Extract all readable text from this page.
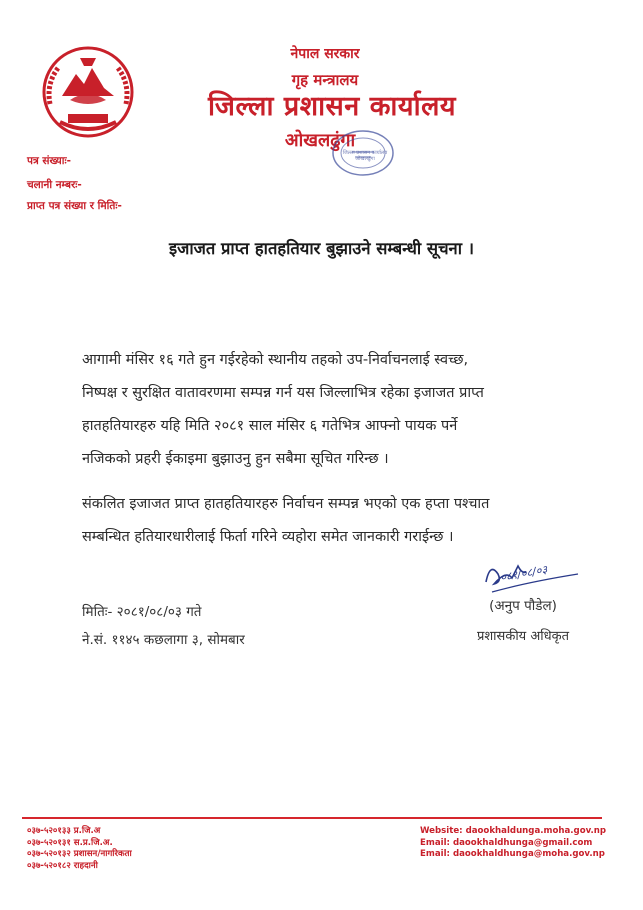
नेपाल सरकार
गृह मन्त्रालय
जिल्ला प्रशासन कार्यालय
ओखलढुंगा
जिल्ला प्रशासन कार्यालय ओखलढुंगा
पत्र संख्याः-
चलानी नम्बरः-
प्राप्त पत्र संख्या र मितिः-
इजाजत प्राप्त हातहतियार बुझाउने सम्बन्धी सूचना ।
आगामी मंसिर १६ गते हुन गईरहेको स्थानीय तहको उप-निर्वाचनलाई स्वच्छ,
निष्पक्ष र सुरक्षित वातावरणमा सम्पन्न गर्न यस जिल्लाभित्र रहेका इजाजत प्राप्त
हातहतियारहरु यहि मिति २०८१ साल मंसिर ६ गतेभित्र आफ्नो पायक पर्ने
नजिकको प्रहरी ईकाइमा बुझाउनु हुन सबैमा सूचित गरिन्छ ।
संकलित इजाजत प्राप्त हातहतियारहरु निर्वाचन सम्पन्न भएको एक हप्ता पश्चात
सम्बन्धित हतियारधारीलाई फिर्ता गरिने व्यहोरा समेत जानकारी गराईन्छ ।
०८१/०८/०३
(अनुप पौडेल)
प्रशासकीय अधिकृत
मितिः- २०८१/०८/०३ गते
ने.सं. ११४५ कछलागा ३, सोमबार
०३७-५२०१३३ प्र.जि.अ
०३७-५२०१३१ स.प्र.जि.अ.
०३७-५२०१३२ प्रशासन/नागरिकता
०३७-५२०१८२ राहदानी
Website: daookhaldunga.moha.gov.np
Email: daookhaldhunga@gmail.com
Email: daookhaldhunga@moha.gov.np
